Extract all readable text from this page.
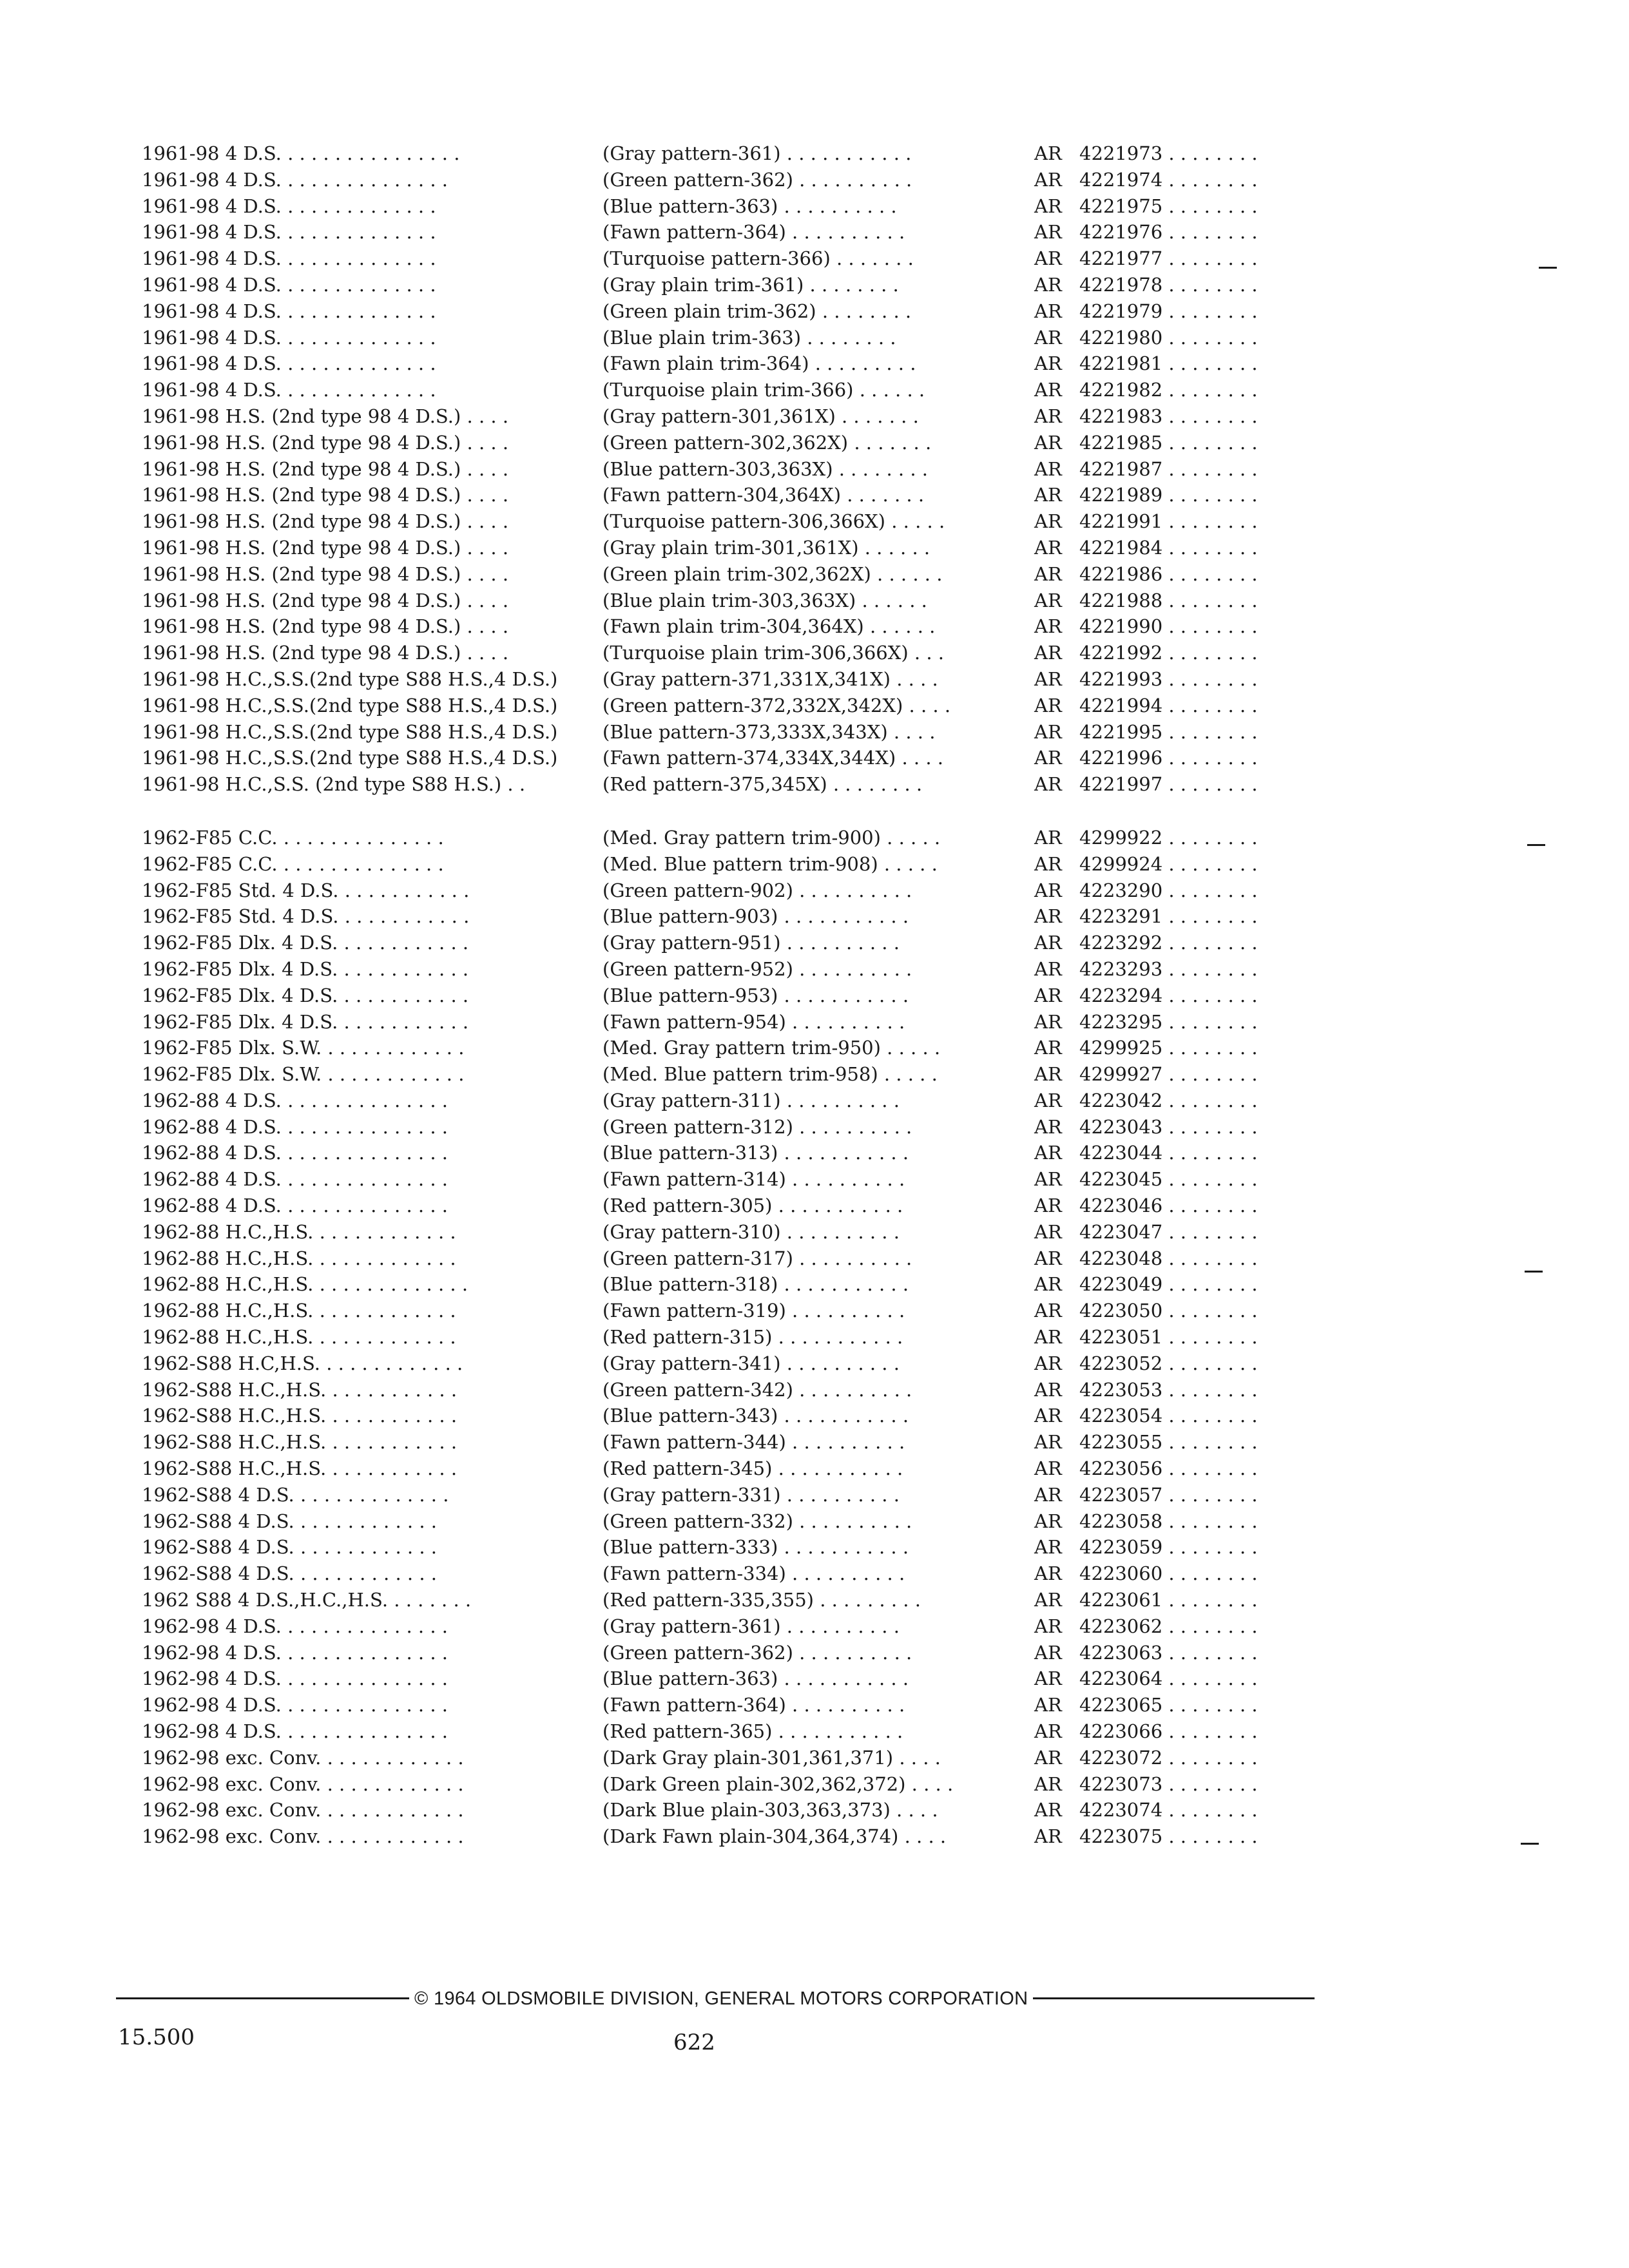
1961-98 4 D.S. . . . . . . . . . . . . . . .	(Gray pattern-361) . . . . . . . . . . .	AR 4221973 . . . . . . . .
1961-98 4 D.S. . . . . . . . . . . . . . .	(Green pattern-362) . . . . . . . . . .	AR 4221974 . . . . . . . .
1961-98 4 D.S. . . . . . . . . . . . . .	(Blue pattern-363) . . . . . . . . . .	AR 4221975 . . . . . . . .
1961-98 4 D.S. . . . . . . . . . . . . .	(Fawn pattern-364) . . . . . . . . . .	AR 4221976 . . . . . . . .
1961-98 4 D.S. . . . . . . . . . . . . .	(Turquoise pattern-366) . . . . . . .	AR 4221977 . . . . . . . .
1961-98 4 D.S. . . . . . . . . . . . . .	(Gray plain trim-361) . . . . . . . .	AR 4221978 . . . . . . . .
1961-98 4 D.S. . . . . . . . . . . . . .	(Green plain trim-362) . . . . . . . .	AR 4221979 . . . . . . . .
1961-98 4 D.S. . . . . . . . . . . . . .	(Blue plain trim-363) . . . . . . . .	AR 4221980 . . . . . . . .
1961-98 4 D.S. . . . . . . . . . . . . .	(Fawn plain trim-364) . . . . . . . . .	AR 4221981 . . . . . . . .
1961-98 4 D.S. . . . . . . . . . . . . .	(Turquoise plain trim-366) . . . . . .	AR 4221982 . . . . . . . .
1961-98 H.S. (2nd type 98 4 D.S.) . . . .	(Gray pattern-301,361X) . . . . . . .	AR 4221983 . . . . . . . .
1961-98 H.S. (2nd type 98 4 D.S.) . . . .	(Green pattern-302,362X) . . . . . . .	AR 4221985 . . . . . . . .
1961-98 H.S. (2nd type 98 4 D.S.) . . . .	(Blue pattern-303,363X) . . . . . . . .	AR 4221987 . . . . . . . .
1961-98 H.S. (2nd type 98 4 D.S.) . . . .	(Fawn pattern-304,364X) . . . . . . .	AR 4221989 . . . . . . . .
1961-98 H.S. (2nd type 98 4 D.S.) . . . .	(Turquoise pattern-306,366X) . . . . .	AR 4221991 . . . . . . . .
1961-98 H.S. (2nd type 98 4 D.S.) . . . .	(Gray plain trim-301,361X) . . . . . .	AR 4221984 . . . . . . . .
1961-98 H.S. (2nd type 98 4 D.S.) . . . .	(Green plain trim-302,362X) . . . . . .	AR 4221986 . . . . . . . .
1961-98 H.S. (2nd type 98 4 D.S.) . . . .	(Blue plain trim-303,363X) . . . . . .	AR 4221988 . . . . . . . .
1961-98 H.S. (2nd type 98 4 D.S.) . . . .	(Fawn plain trim-304,364X) . . . . . .	AR 4221990 . . . . . . . .
1961-98 H.S. (2nd type 98 4 D.S.) . . . .	(Turquoise plain trim-306,366X) . . .	AR 4221992 . . . . . . . .
1961-98 H.C.,S.S.(2nd type S88 H.S.,4 D.S.)	(Gray pattern-371,331X,341X) . . . .	AR 4221993 . . . . . . . .
1961-98 H.C.,S.S.(2nd type S88 H.S.,4 D.S.)	(Green pattern-372,332X,342X) . . . .	AR 4221994 . . . . . . . .
1961-98 H.C.,S.S.(2nd type S88 H.S.,4 D.S.)	(Blue pattern-373,333X,343X) . . . .	AR 4221995 . . . . . . . .
1961-98 H.C.,S.S.(2nd type S88 H.S.,4 D.S.)	(Fawn pattern-374,334X,344X) . . . .	AR 4221996 . . . . . . . .
1961-98 H.C.,S.S. (2nd type S88 H.S.) . .	(Red pattern-375,345X) . . . . . . . .	AR 4221997 . . . . . . . .
1962-F85 C.C. . . . . . . . . . . . . . .	(Med. Gray pattern trim-900) . . . . .	AR 4299922 . . . . . . . .
1962-F85 C.C. . . . . . . . . . . . . . .	(Med. Blue pattern trim-908) . . . . .	AR 4299924 . . . . . . . .
1962-F85 Std. 4 D.S. . . . . . . . . . . .	(Green pattern-902) . . . . . . . . . .	AR 4223290 . . . . . . . .
1962-F85 Std. 4 D.S. . . . . . . . . . . .	(Blue pattern-903) . . . . . . . . . . .	AR 4223291 . . . . . . . .
1962-F85 Dlx. 4 D.S. . . . . . . . . . . .	(Gray pattern-951) . . . . . . . . . .	AR 4223292 . . . . . . . .
1962-F85 Dlx. 4 D.S. . . . . . . . . . . .	(Green pattern-952) . . . . . . . . . .	AR 4223293 . . . . . . . .
1962-F85 Dlx. 4 D.S. . . . . . . . . . . .	(Blue pattern-953) . . . . . . . . . . .	AR 4223294 . . . . . . . .
1962-F85 Dlx. 4 D.S. . . . . . . . . . . .	(Fawn pattern-954) . . . . . . . . . .	AR 4223295 . . . . . . . .
1962-F85 Dlx. S.W. . . . . . . . . . . . .	(Med. Gray pattern trim-950) . . . . .	AR 4299925 . . . . . . . .
1962-F85 Dlx. S.W. . . . . . . . . . . . .	(Med. Blue pattern trim-958) . . . . .	AR 4299927 . . . . . . . .
1962-88 4 D.S. . . . . . . . . . . . . . .	(Gray pattern-311) . . . . . . . . . .	AR 4223042 . . . . . . . .
1962-88 4 D.S. . . . . . . . . . . . . . .	(Green pattern-312) . . . . . . . . . .	AR 4223043 . . . . . . . .
1962-88 4 D.S. . . . . . . . . . . . . . .	(Blue pattern-313) . . . . . . . . . . .	AR 4223044 . . . . . . . .
1962-88 4 D.S. . . . . . . . . . . . . . .	(Fawn pattern-314) . . . . . . . . . .	AR 4223045 . . . . . . . .
1962-88 4 D.S. . . . . . . . . . . . . . .	(Red pattern-305) . . . . . . . . . . .	AR 4223046 . . . . . . . .
1962-88 H.C.,H.S. . . . . . . . . . . . .	(Gray pattern-310) . . . . . . . . . .	AR 4223047 . . . . . . . .
1962-88 H.C.,H.S. . . . . . . . . . . . .	(Green pattern-317) . . . . . . . . . .	AR 4223048 . . . . . . . .
1962-88 H.C.,H.S. . . . . . . . . . . . . .	(Blue pattern-318) . . . . . . . . . . .	AR 4223049 . . . . . . . .
1962-88 H.C.,H.S. . . . . . . . . . . . .	(Fawn pattern-319) . . . . . . . . . .	AR 4223050 . . . . . . . .
1962-88 H.C.,H.S. . . . . . . . . . . . .	(Red pattern-315) . . . . . . . . . . .	AR 4223051 . . . . . . . .
1962-S88 H.C,H.S. . . . . . . . . . . . .	(Gray pattern-341) . . . . . . . . . .	AR 4223052 . . . . . . . .
1962-S88 H.C.,H.S. . . . . . . . . . . .	(Green pattern-342) . . . . . . . . . .	AR 4223053 . . . . . . . .
1962-S88 H.C.,H.S. . . . . . . . . . . .	(Blue pattern-343) . . . . . . . . . . .	AR 4223054 . . . . . . . .
1962-S88 H.C.,H.S. . . . . . . . . . . .	(Fawn pattern-344) . . . . . . . . . .	AR 4223055 . . . . . . . .
1962-S88 H.C.,H.S. . . . . . . . . . . .	(Red pattern-345) . . . . . . . . . . .	AR 4223056 . . . . . . . .
1962-S88 4 D.S. . . . . . . . . . . . . .	(Gray pattern-331) . . . . . . . . . .	AR 4223057 . . . . . . . .
1962-S88 4 D.S. . . . . . . . . . . . .	(Green pattern-332) . . . . . . . . . .	AR 4223058 . . . . . . . .
1962-S88 4 D.S. . . . . . . . . . . . .	(Blue pattern-333) . . . . . . . . . . .	AR 4223059 . . . . . . . .
1962-S88 4 D.S. . . . . . . . . . . . .	(Fawn pattern-334) . . . . . . . . . .	AR 4223060 . . . . . . . .
1962 S88 4 D.S.,H.C.,H.S. . . . . . . .	(Red pattern-335,355) . . . . . . . . .	AR 4223061 . . . . . . . .
1962-98 4 D.S. . . . . . . . . . . . . . .	(Gray pattern-361) . . . . . . . . . .	AR 4223062 . . . . . . . .
1962-98 4 D.S. . . . . . . . . . . . . . .	(Green pattern-362) . . . . . . . . . .	AR 4223063 . . . . . . . .
1962-98 4 D.S. . . . . . . . . . . . . . .	(Blue pattern-363) . . . . . . . . . . .	AR 4223064 . . . . . . . .
1962-98 4 D.S. . . . . . . . . . . . . . .	(Fawn pattern-364) . . . . . . . . . .	AR 4223065 . . . . . . . .
1962-98 4 D.S. . . . . . . . . . . . . . .	(Red pattern-365) . . . . . . . . . . .	AR 4223066 . . . . . . . .
1962-98 exc. Conv. . . . . . . . . . . . .	(Dark Gray plain-301,361,371) . . . .	AR 4223072 . . . . . . . .
1962-98 exc. Conv. . . . . . . . . . . . .	(Dark Green plain-302,362,372) . . . .	AR 4223073 . . . . . . . .
1962-98 exc. Conv. . . . . . . . . . . . .	(Dark Blue plain-303,363,373) . . . .	AR 4223074 . . . . . . . .
1962-98 exc. Conv. . . . . . . . . . . . .	(Dark Fawn plain-304,364,374) . . . .	AR 4223075 . . . . . . . .
© 1964 OLDSMOBILE DIVISION, GENERAL MOTORS CORPORATION
15.500	622
